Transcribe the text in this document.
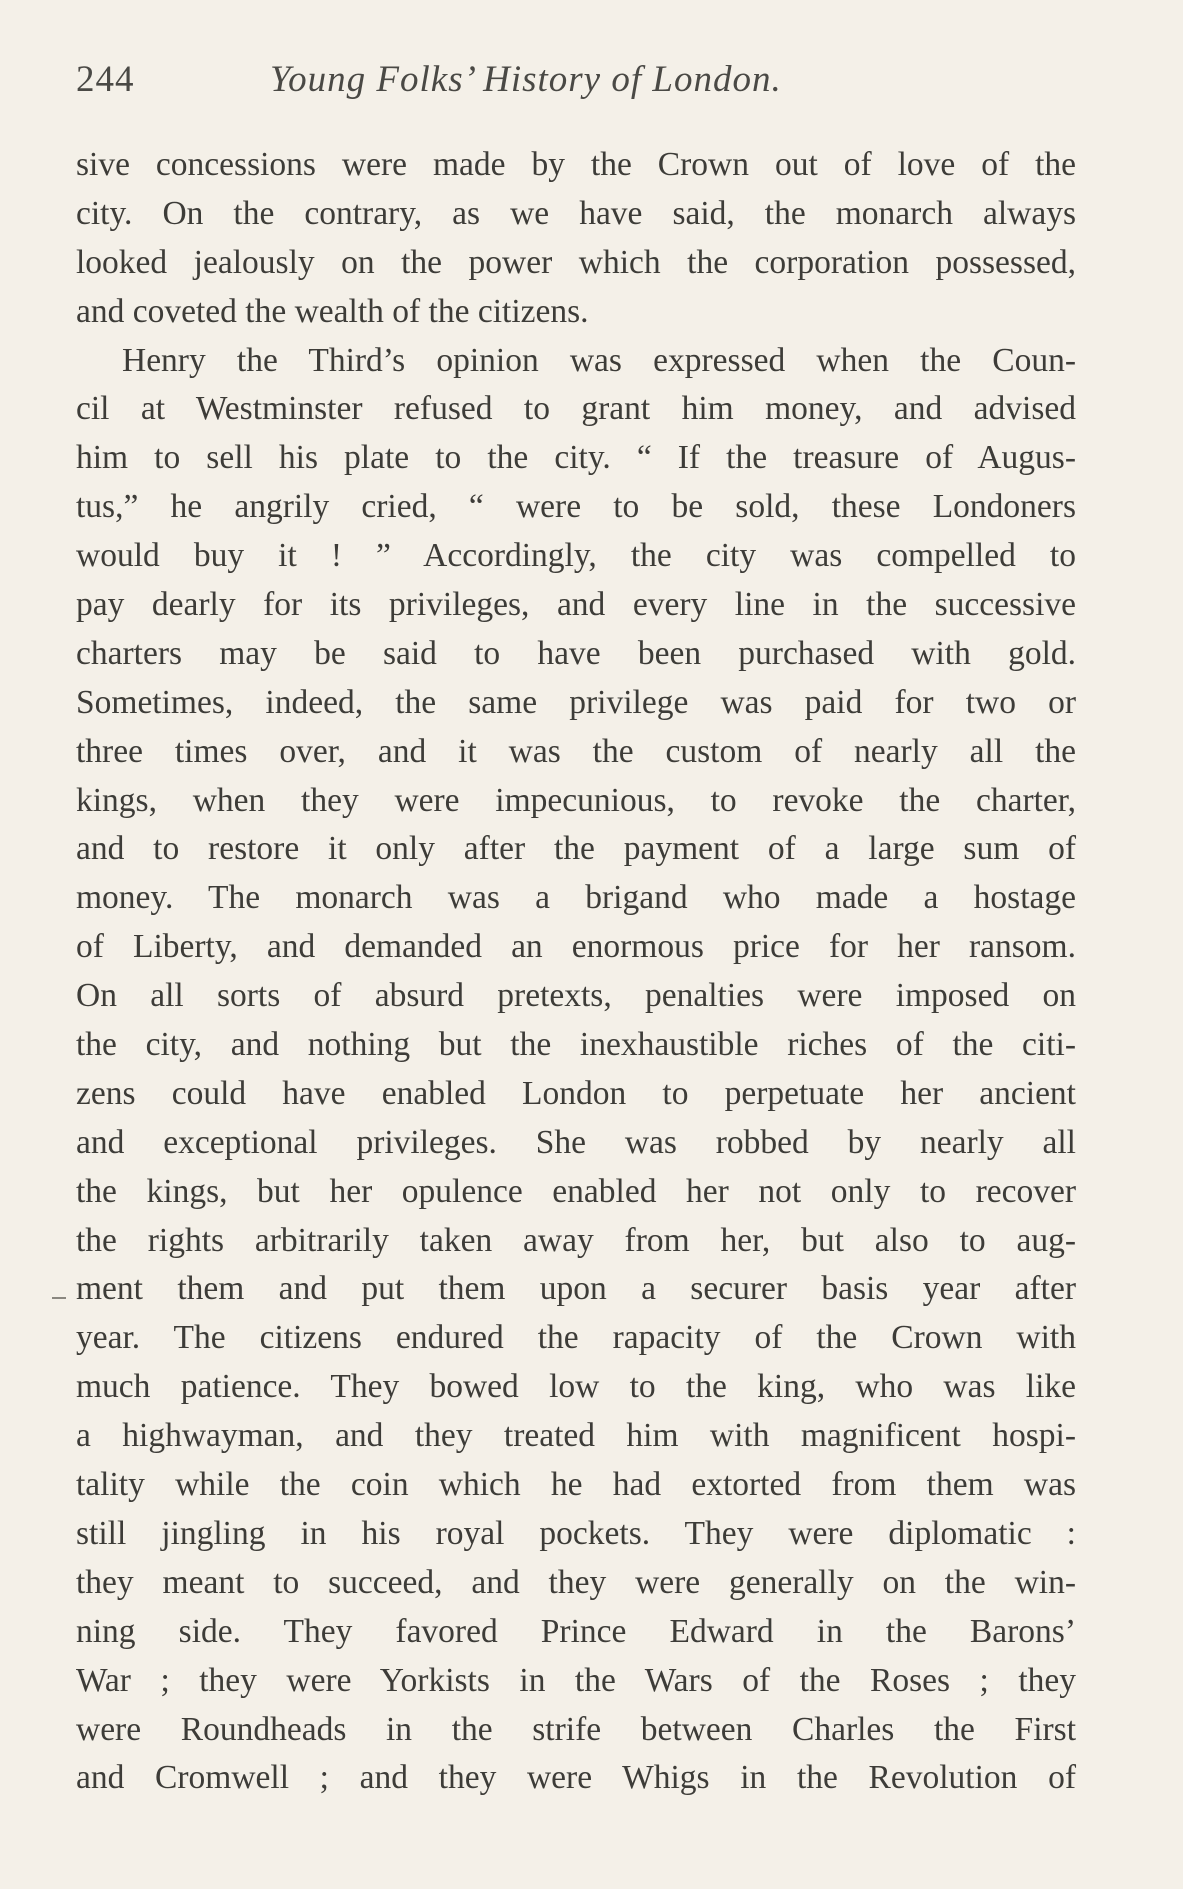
244	Young Folks’ History of London.
sive concessions were made by the Crown out of love of the
city. On the contrary, as we have said, the monarch always
looked jealously on the power which the corporation possessed,
and coveted the wealth of the citizens.
Henry the Third’s opinion was expressed when the Coun-
cil at Westminster refused to grant him money, and advised
him to sell his plate to the city. “ If the treasure of Augus-
tus,” he angrily cried, “ were to be sold, these Londoners
would buy it ! ” Accordingly, the city was compelled to
pay dearly for its privileges, and every line in the successive
charters may be said to have been purchased with gold.
Sometimes, indeed, the same privilege was paid for two or
three times over, and it was the custom of nearly all the
kings, when they were impecunious, to revoke the charter,
and to restore it only after the payment of a large sum of
money. The monarch was a brigand who made a hostage
of Liberty, and demanded an enormous price for her ransom.
On all sorts of absurd pretexts, penalties were imposed on
the city, and nothing but the inexhaustible riches of the citi-
zens could have enabled London to perpetuate her ancient
and exceptional privileges. She was robbed by nearly all
the kings, but her opulence enabled her not only to recover
the rights arbitrarily taken away from her, but also to aug-
ment them and put them upon a securer basis year after
year. The citizens endured the rapacity of the Crown with
much patience. They bowed low to the king, who was like
a highwayman, and they treated him with magnificent hospi-
tality while the coin which he had extorted from them was
still jingling in his royal pockets. They were diplomatic :
they meant to succeed, and they were generally on the win-
ning side. They favored Prince Edward in the Barons’
War ; they were Yorkists in the Wars of the Roses ; they
were Roundheads in the strife between Charles the First
and Cromwell ; and they were Whigs in the Revolution of
